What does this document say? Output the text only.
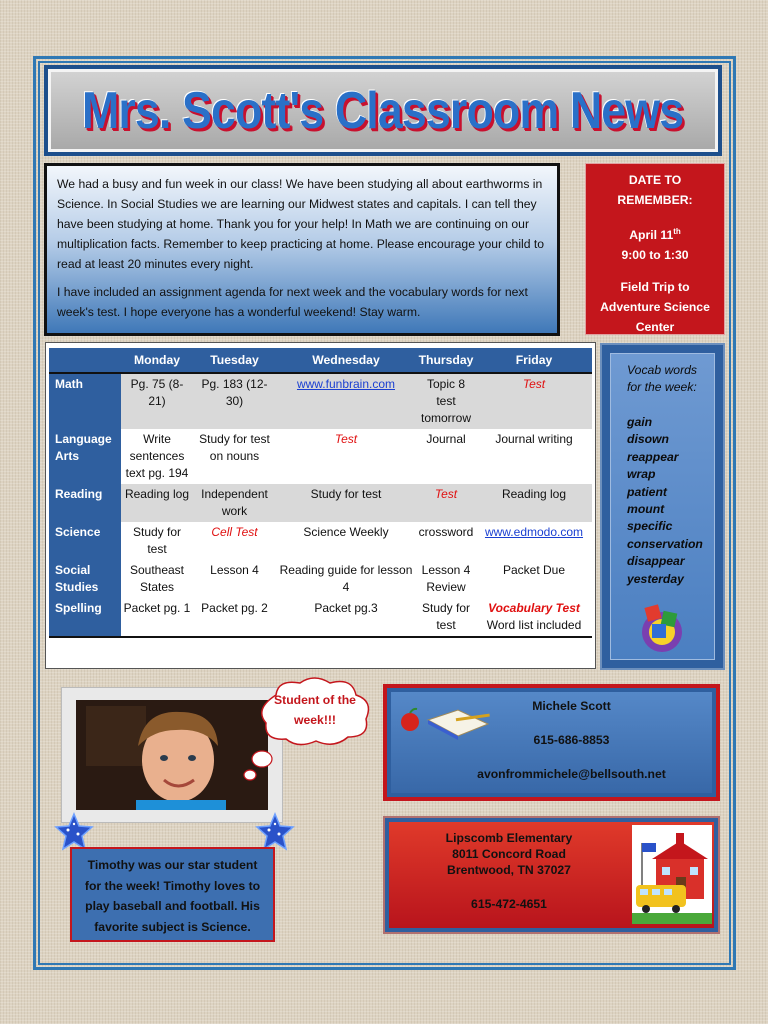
Mrs. Scott's Classroom News

We had a busy and fun week in our class! We have been studying all about earthworms in Science. In Social Studies we are learning our Midwest states and capitals. I can tell they have been studying at home. Thank you for your help! In Math we are continuing on our multiplication facts. Remember to keep practicing at home. Please encourage your child to read at least 20 minutes every night.

I have included an assignment agenda for next week and the vocabulary words for next week's test. I hope everyone has a wonderful weekend! Stay warm.

DATE TO REMEMBER:
April 11th
9:00 to 1:30
Field Trip to Adventure Science Center
	Monday	Tuesday	Wednesday	Thursday	Friday
Math	Pg. 75 (8-21)	Pg. 183 (12-30)	www.funbrain.com	Topic 8 test tomorrow	Test
Language Arts	Write sentences text pg. 194	Study for test on nouns	Test	Journal	Journal writing
Reading	Reading log	Independent work	Study for test	Test	Reading log
Science	Study for test	Cell Test	Science Weekly	crossword	www.edmodo.com
Social Studies	Southeast States	Lesson 4	Reading guide for lesson 4	Lesson 4 Review	Packet Due
Spelling	Packet pg. 1	Packet pg. 2	Packet pg.3	Study for test	Vocabulary Test
Word list included
Vocab words for the week:
gain
disown
reappear
wrap
patient
mount
specific
conservation
disappear
yesterday
Student of the week!!!
Timothy was our star student for the week! Timothy loves to play baseball and football. His favorite subject is Science.
Michele Scott
615-686-8853
avonfrommichele@bellsouth.net
Lipscomb Elementary
8011 Concord Road
Brentwood, TN 37027
615-472-4651
